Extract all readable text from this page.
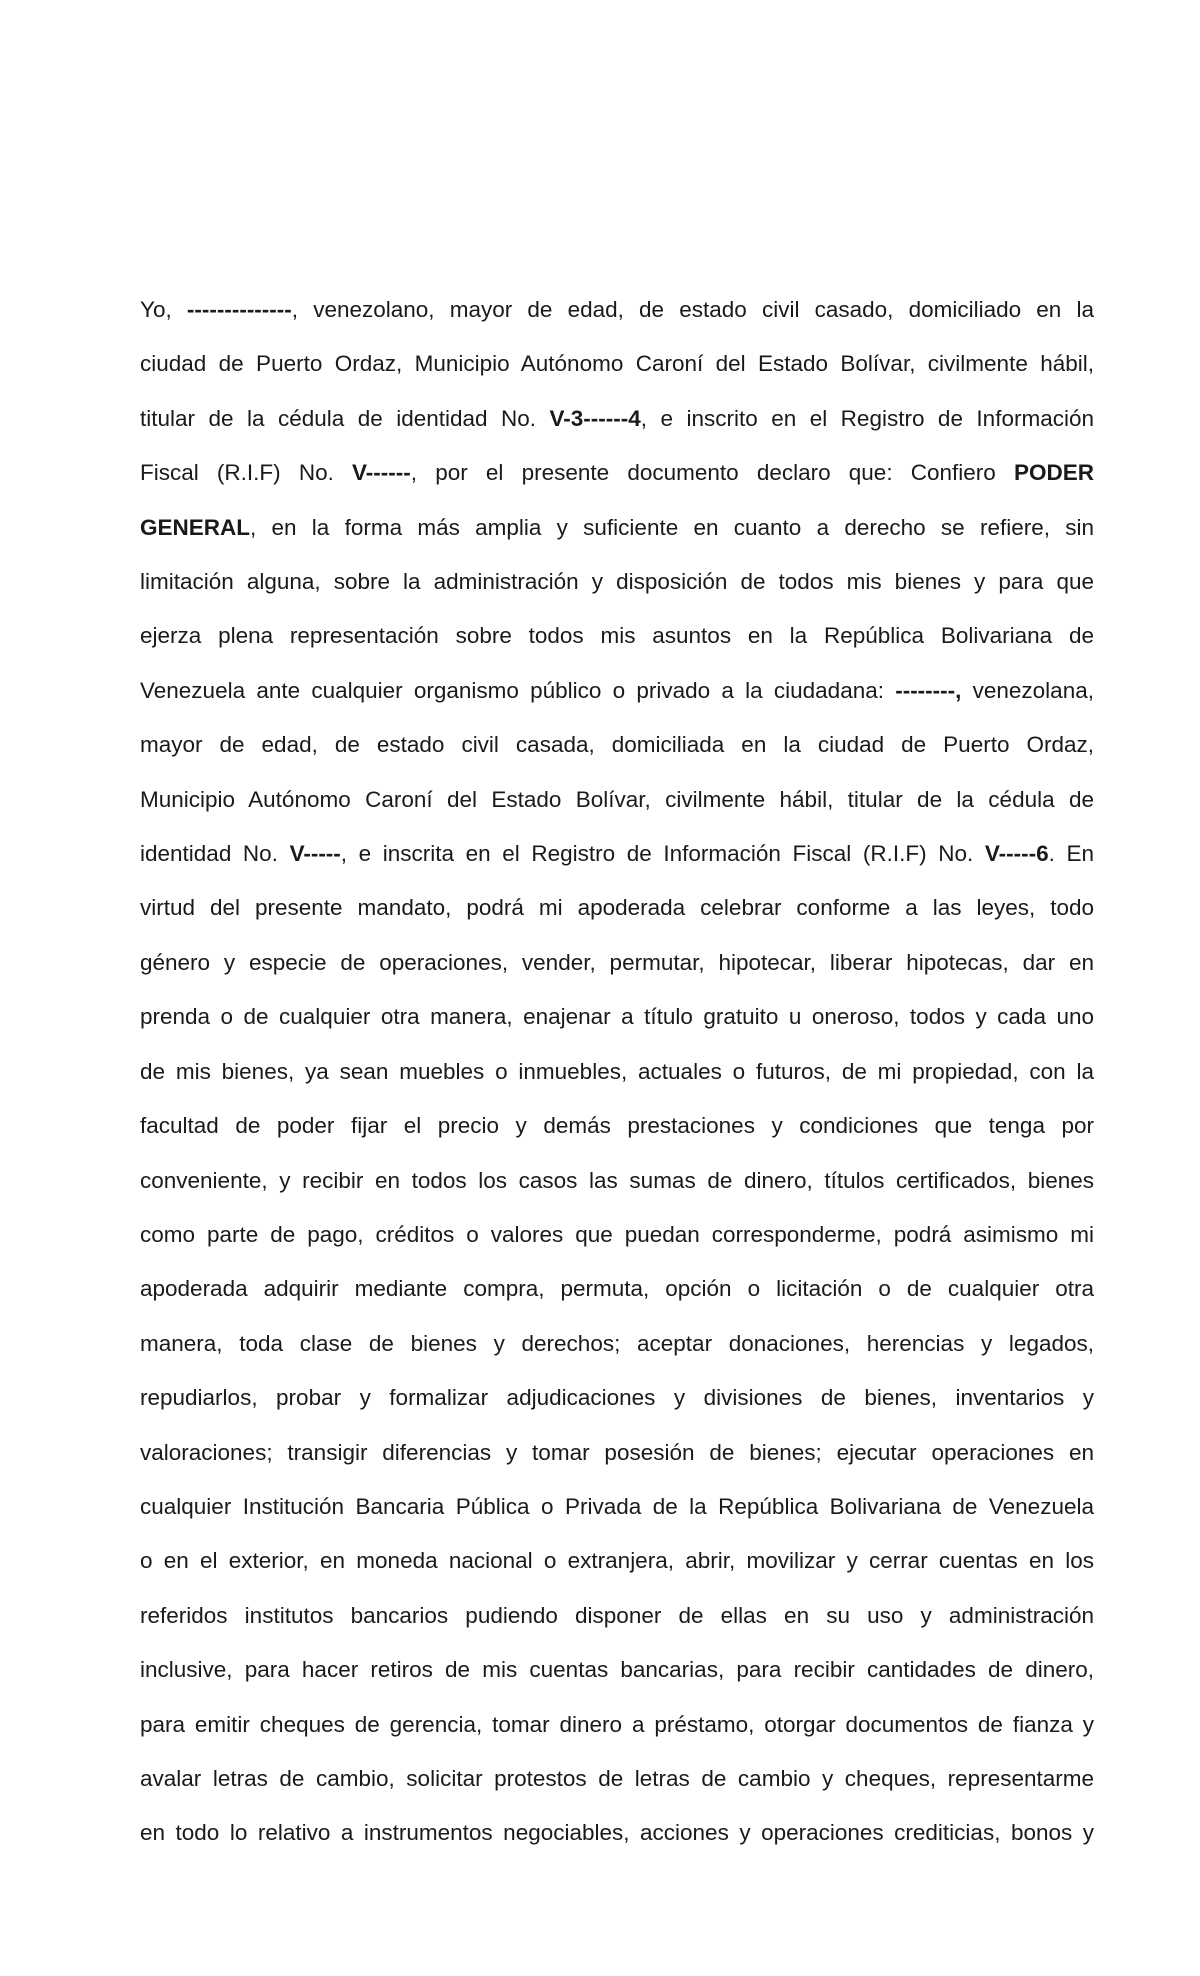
Yo, --------------, venezolano, mayor de edad, de estado civil casado, domiciliado en la
ciudad de Puerto Ordaz, Municipio Autónomo Caroní del Estado Bolívar, civilmente hábil,
titular de la cédula de identidad No. V-3------4, e inscrito en el Registro de Información
Fiscal (R.I.F) No. V------, por el presente documento declaro que: Confiero PODER
GENERAL, en la forma más amplia y suficiente en cuanto a derecho se refiere, sin
limitación alguna, sobre la administración y disposición de todos mis bienes y para que
ejerza plena representación sobre todos mis asuntos en la República Bolivariana de
Venezuela ante cualquier organismo público o privado a la ciudadana: --------, venezolana,
mayor de edad, de estado civil casada, domiciliada en la ciudad de Puerto Ordaz,
Municipio Autónomo Caroní del Estado Bolívar, civilmente hábil, titular de la cédula de
identidad No. V-----, e inscrita en el Registro de Información Fiscal (R.I.F) No. V-----6. En
virtud del presente mandato, podrá mi apoderada celebrar conforme a las leyes, todo
género y especie de operaciones, vender, permutar, hipotecar, liberar hipotecas, dar en
prenda o de cualquier otra manera, enajenar a título gratuito u oneroso, todos y cada uno
de mis bienes, ya sean muebles o inmuebles, actuales o futuros, de mi propiedad, con la
facultad de poder fijar el precio y demás prestaciones y condiciones que tenga por
conveniente, y recibir en todos los casos las sumas de dinero, títulos certificados, bienes
como parte de pago, créditos o valores que puedan corresponderme, podrá asimismo mi
apoderada adquirir mediante compra, permuta, opción o licitación o de cualquier otra
manera, toda clase de bienes y derechos; aceptar donaciones, herencias y legados,
repudiarlos, probar y formalizar adjudicaciones y divisiones de bienes, inventarios y
valoraciones; transigir diferencias y tomar posesión de bienes; ejecutar operaciones en
cualquier Institución Bancaria Pública o Privada de la República Bolivariana de Venezuela
o en el exterior, en moneda nacional o extranjera, abrir, movilizar y cerrar cuentas en los
referidos institutos bancarios pudiendo disponer de ellas en su uso y administración
inclusive, para hacer retiros de mis cuentas bancarias, para recibir cantidades de dinero,
para emitir cheques de gerencia, tomar dinero a préstamo, otorgar documentos de fianza y
avalar letras de cambio, solicitar protestos de letras de cambio y cheques, representarme
en todo lo relativo a instrumentos negociables, acciones y operaciones crediticias, bonos y
